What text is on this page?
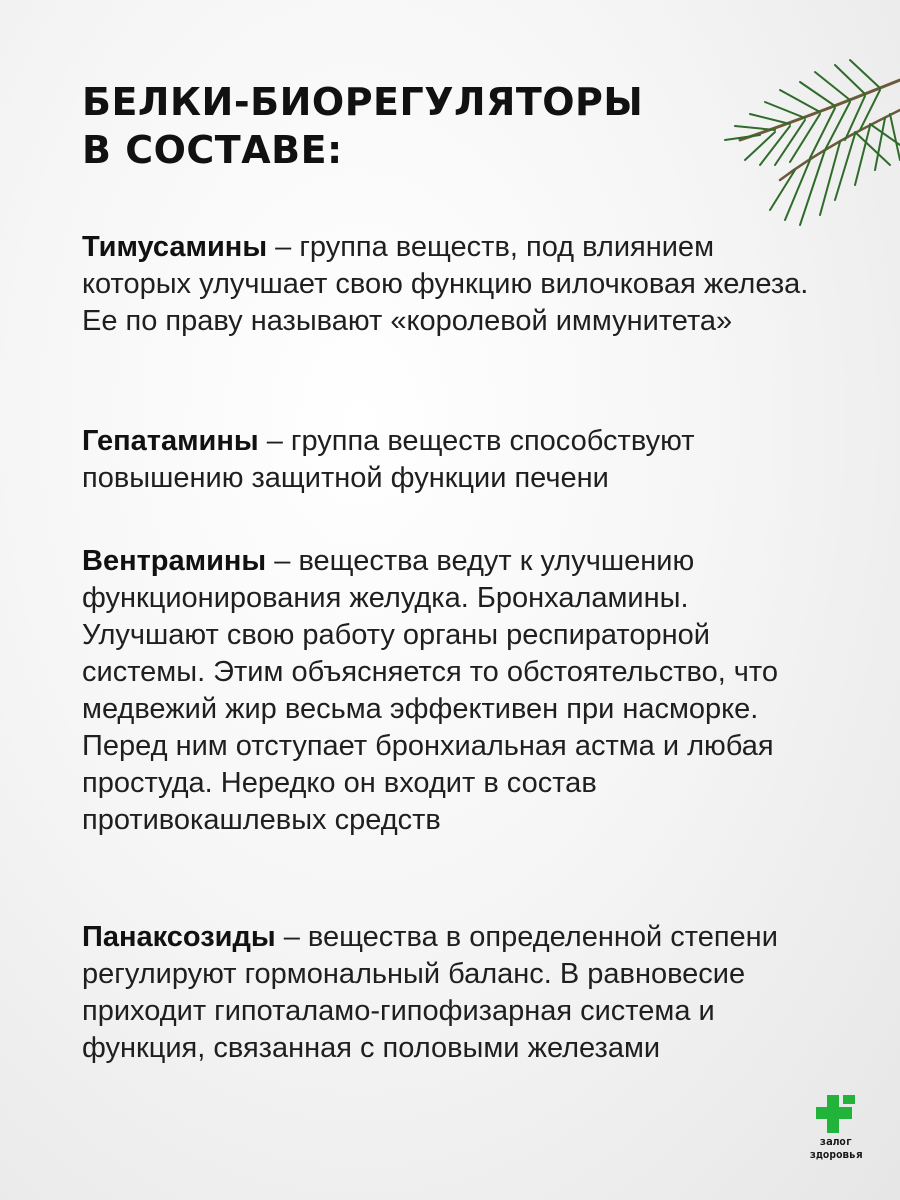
БЕЛКИ-БИОРЕГУЛЯТОРЫ
В СОСТАВЕ:
Тимусамины – группа веществ, под влиянием которых улучшает свою функцию вилочковая железа. Ее по праву называют «королевой иммунитета»
Гепатамины – группа веществ способствуют повышению защитной функции печени
Вентрамины – вещества ведут к улучшению функционирования желудка. Бронхаламины. Улучшают свою работу органы респираторной системы. Этим объясняется то обстоятельство, что медвежий жир весьма эффективен при насморке. Перед ним отступает бронхиальная астма и любая простуда. Нередко он входит в состав противокашлевых средств
Панаксозиды – вещества в определенной степени регулируют гормональный баланс. В равновесие приходит гипоталамо-гипофизарная система и функция, связанная с половыми железами
залог
здоровья
